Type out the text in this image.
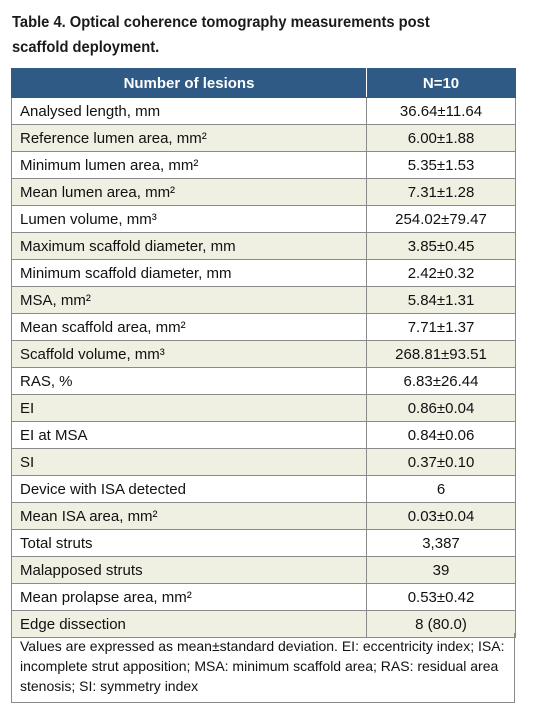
Table 4. Optical coherence tomography measurements post scaffold deployment.
Number of lesions	N=10
Analysed length, mm	36.64±11.64
Reference lumen area, mm²	6.00±1.88
Minimum lumen area, mm²	5.35±1.53
Mean lumen area, mm²	7.31±1.28
Lumen volume, mm³	254.02±79.47
Maximum scaffold diameter, mm	3.85±0.45
Minimum scaffold diameter, mm	2.42±0.32
MSA, mm²	5.84±1.31
Mean scaffold area, mm²	7.71±1.37
Scaffold volume, mm³	268.81±93.51
RAS, %	6.83±26.44
EI	0.86±0.04
EI at MSA	0.84±0.06
SI	0.37±0.10
Device with ISA detected	6
Mean ISA area, mm²	0.03±0.04
Total struts	3,387
Malapposed struts	39
Mean prolapse area, mm²	0.53±0.42
Edge dissection	8 (80.0)
Values are expressed as mean±standard deviation. EI: eccentricity index; ISA: incomplete strut apposition; MSA: minimum scaffold area; RAS: residual area stenosis; SI: symmetry index
